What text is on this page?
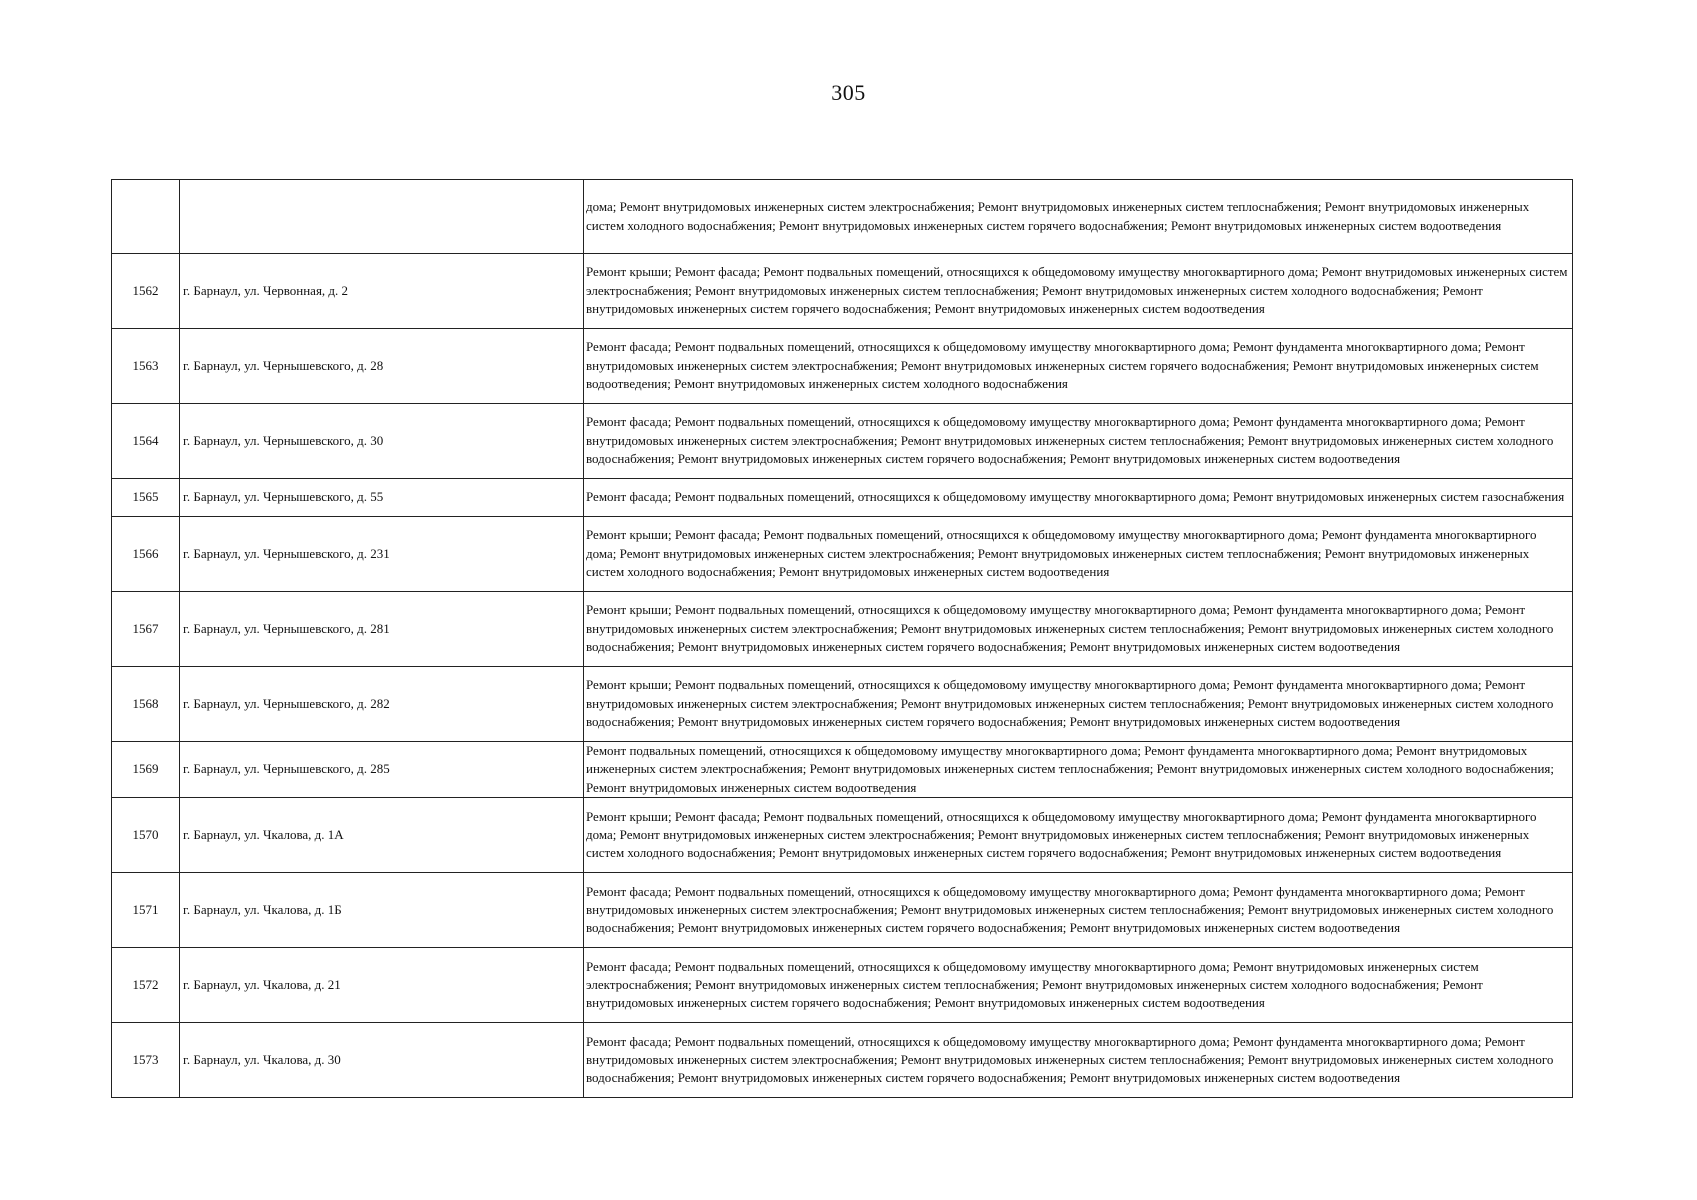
305
		дома; Ремонт внутридомовых инженерных систем электроснабжения; Ремонт внутридомовых инженерных систем теплоснабжения; Ремонт внутридомовых инженерных систем холодного водоснабжения; Ремонт внутридомовых инженерных систем горячего водоснабжения; Ремонт внутридомовых инженерных систем водоотведения
1562	г. Барнаул, ул. Червонная, д. 2	Ремонт крыши; Ремонт фасада; Ремонт подвальных помещений, относящихся к общедомовому имуществу многоквартирного дома; Ремонт внутридомовых инженерных систем электроснабжения; Ремонт внутридомовых инженерных систем теплоснабжения; Ремонт внутридомовых инженерных систем холодного водоснабжения; Ремонт внутридомовых инженерных систем горячего водоснабжения; Ремонт внутридомовых инженерных систем водоотведения
1563	г. Барнаул, ул. Чернышевского, д. 28	Ремонт фасада; Ремонт подвальных помещений, относящихся к общедомовому имуществу многоквартирного дома; Ремонт фундамента многоквартирного дома; Ремонт внутридомовых инженерных систем электроснабжения; Ремонт внутридомовых инженерных систем горячего водоснабжения; Ремонт внутридомовых инженерных систем водоотведения; Ремонт внутридомовых инженерных систем холодного водоснабжения
1564	г. Барнаул, ул. Чернышевского, д. 30	Ремонт фасада; Ремонт подвальных помещений, относящихся к общедомовому имуществу многоквартирного дома; Ремонт фундамента многоквартирного дома; Ремонт внутридомовых инженерных систем электроснабжения; Ремонт внутридомовых инженерных систем теплоснабжения; Ремонт внутридомовых инженерных систем холодного водоснабжения; Ремонт внутридомовых инженерных систем горячего водоснабжения; Ремонт внутридомовых инженерных систем водоотведения
1565	г. Барнаул, ул. Чернышевского, д. 55	Ремонт фасада; Ремонт подвальных помещений, относящихся к общедомовому имуществу многоквартирного дома; Ремонт внутридомовых инженерных систем газоснабжения
1566	г. Барнаул, ул. Чернышевского, д. 231	Ремонт крыши; Ремонт фасада; Ремонт подвальных помещений, относящихся к общедомовому имуществу многоквартирного дома; Ремонт фундамента многоквартирного дома; Ремонт внутридомовых инженерных систем электроснабжения; Ремонт внутридомовых инженерных систем теплоснабжения; Ремонт внутридомовых инженерных систем холодного водоснабжения; Ремонт внутридомовых инженерных систем водоотведения
1567	г. Барнаул, ул. Чернышевского, д. 281	Ремонт крыши; Ремонт подвальных помещений, относящихся к общедомовому имуществу многоквартирного дома; Ремонт фундамента многоквартирного дома; Ремонт внутридомовых инженерных систем электроснабжения; Ремонт внутридомовых инженерных систем теплоснабжения; Ремонт внутридомовых инженерных систем холодного водоснабжения; Ремонт внутридомовых инженерных систем горячего водоснабжения; Ремонт внутридомовых инженерных систем водоотведения
1568	г. Барнаул, ул. Чернышевского, д. 282	Ремонт крыши; Ремонт подвальных помещений, относящихся к общедомовому имуществу многоквартирного дома; Ремонт фундамента многоквартирного дома; Ремонт внутридомовых инженерных систем электроснабжения; Ремонт внутридомовых инженерных систем теплоснабжения; Ремонт внутридомовых инженерных систем холодного водоснабжения; Ремонт внутридомовых инженерных систем горячего водоснабжения; Ремонт внутридомовых инженерных систем водоотведения
1569	г. Барнаул, ул. Чернышевского, д. 285	Ремонт подвальных помещений, относящихся к общедомовому имуществу многоквартирного дома; Ремонт фундамента многоквартирного дома; Ремонт внутридомовых инженерных систем электроснабжения; Ремонт внутридомовых инженерных систем теплоснабжения; Ремонт внутридомовых инженерных систем холодного водоснабжения; Ремонт внутридомовых инженерных систем водоотведения
1570	г. Барнаул, ул. Чкалова, д. 1А	Ремонт крыши; Ремонт фасада; Ремонт подвальных помещений, относящихся к общедомовому имуществу многоквартирного дома; Ремонт фундамента многоквартирного дома; Ремонт внутридомовых инженерных систем электроснабжения; Ремонт внутридомовых инженерных систем теплоснабжения; Ремонт внутридомовых инженерных систем холодного водоснабжения; Ремонт внутридомовых инженерных систем горячего водоснабжения; Ремонт внутридомовых инженерных систем водоотведения
1571	г. Барнаул, ул. Чкалова, д. 1Б	Ремонт фасада; Ремонт подвальных помещений, относящихся к общедомовому имуществу многоквартирного дома; Ремонт фундамента многоквартирного дома; Ремонт внутридомовых инженерных систем электроснабжения; Ремонт внутридомовых инженерных систем теплоснабжения; Ремонт внутридомовых инженерных систем холодного водоснабжения; Ремонт внутридомовых инженерных систем горячего водоснабжения; Ремонт внутридомовых инженерных систем водоотведения
1572	г. Барнаул, ул. Чкалова, д. 21	Ремонт фасада; Ремонт подвальных помещений, относящихся к общедомовому имуществу многоквартирного дома; Ремонт внутридомовых инженерных систем электроснабжения; Ремонт внутридомовых инженерных систем теплоснабжения; Ремонт внутридомовых инженерных систем холодного водоснабжения; Ремонт внутридомовых инженерных систем горячего водоснабжения; Ремонт внутридомовых инженерных систем водоотведения
1573	г. Барнаул, ул. Чкалова, д. 30	Ремонт фасада; Ремонт подвальных помещений, относящихся к общедомовому имуществу многоквартирного дома; Ремонт фундамента многоквартирного дома; Ремонт внутридомовых инженерных систем электроснабжения; Ремонт внутридомовых инженерных систем теплоснабжения; Ремонт внутридомовых инженерных систем холодного водоснабжения; Ремонт внутридомовых инженерных систем горячего водоснабжения; Ремонт внутридомовых инженерных систем водоотведения
